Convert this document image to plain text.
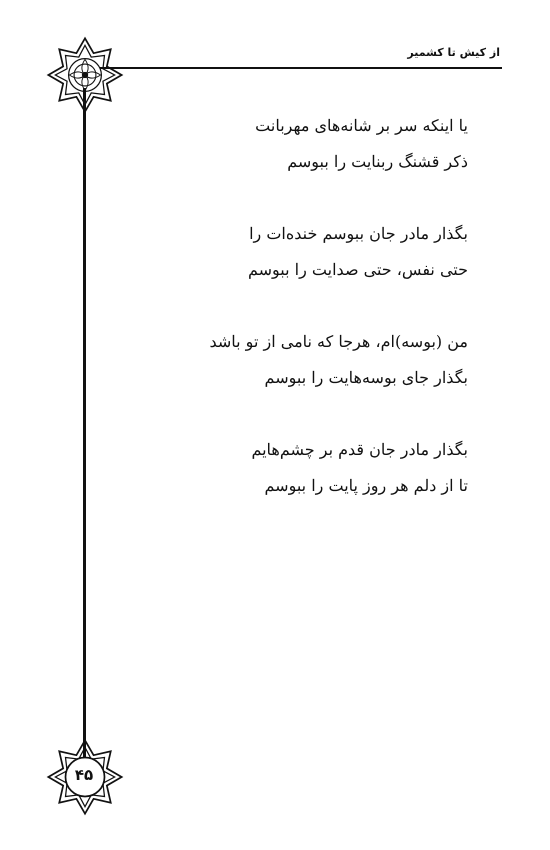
از کیش تا کشمیر
۴۵
یا اینکه سر بر شانه‌های مهربانت
ذکر قشنگ ربنایت را ببوسم
بگذار مادر جان ببوسم خنده‌ات را
حتی نفس، حتی صدایت را ببوسم
من (بوسه)ام، هرجا که نامی از تو باشد
بگذار جای بوسه‌هایت را ببوسم
بگذار مادر جان قدم بر چشم‌هایم
تا از دلم هر روز پایت را ببوسم
